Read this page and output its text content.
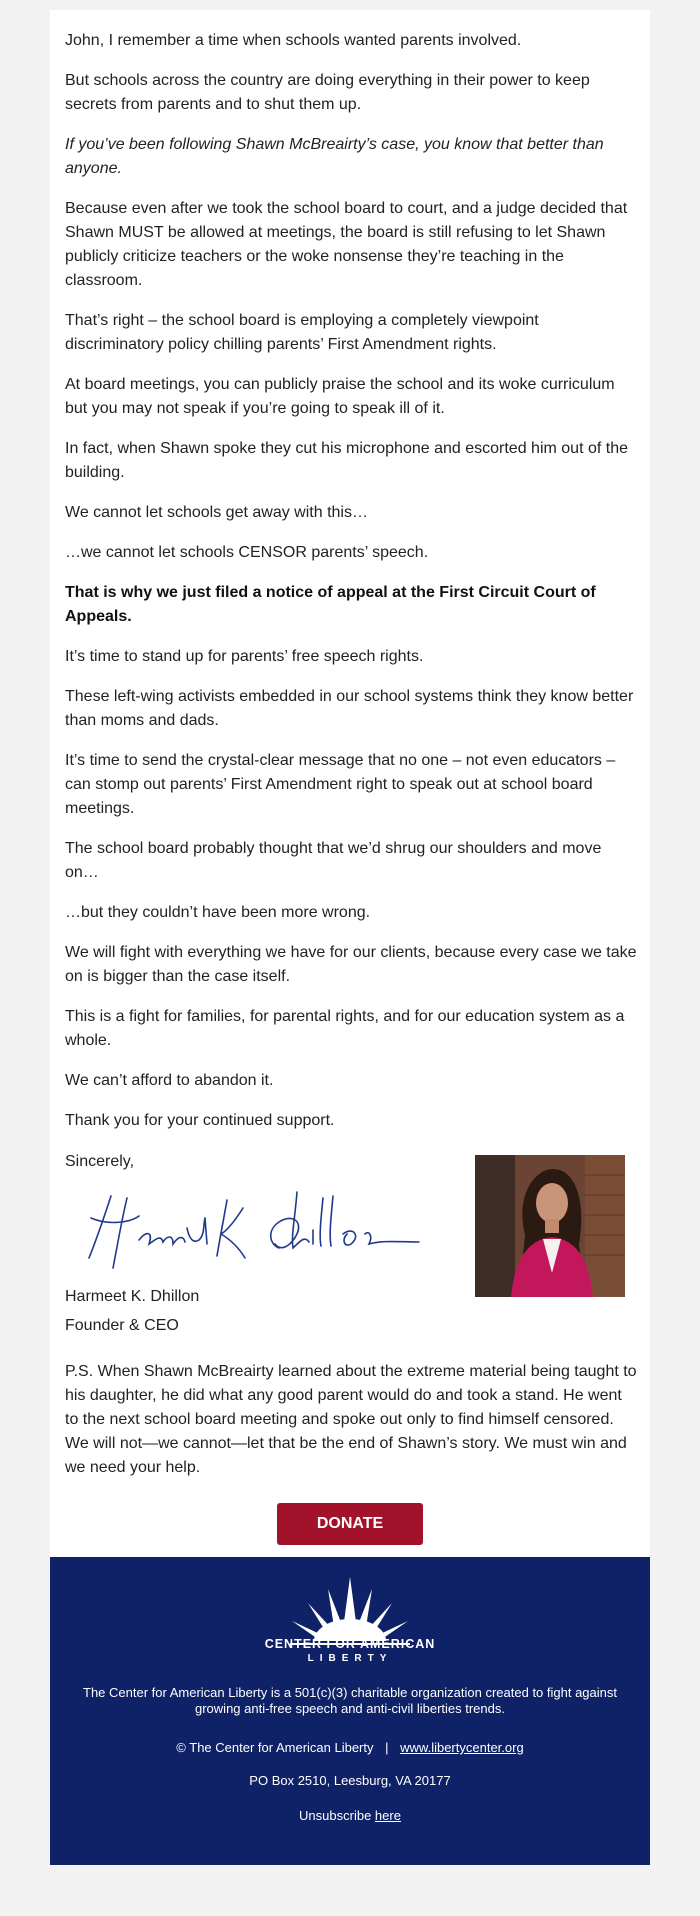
John, I remember a time when schools wanted parents involved.

But schools across the country are doing everything in their power to keep secrets from parents and to shut them up.

If you’ve been following Shawn McBreairty’s case, you know that better than anyone.

Because even after we took the school board to court, and a judge decided that Shawn MUST be allowed at meetings, the board is still refusing to let Shawn publicly criticize teachers or the woke nonsense they’re teaching in the classroom.

That’s right – the school board is employing a completely viewpoint discriminatory policy chilling parents’ First Amendment rights.

At board meetings, you can publicly praise the school and its woke curriculum but you may not speak if you’re going to speak ill of it.

In fact, when Shawn spoke they cut his microphone and escorted him out of the building.

We cannot let schools get away with this…

…we cannot let schools CENSOR parents’ speech.

That is why we just filed a notice of appeal at the First Circuit Court of Appeals.

It’s time to stand up for parents’ free speech rights.

These left-wing activists embedded in our school systems think they know better than moms and dads.

It’s time to send the crystal-clear message that no one – not even educators – can stomp out parents’ First Amendment right to speak out at school board meetings.

The school board probably thought that we’d shrug our shoulders and move on…

…but they couldn’t have been more wrong.

We will fight with everything we have for our clients, because every case we take on is bigger than the case itself.

This is a fight for families, for parental rights, and for our education system as a whole.

We can’t afford to abandon it.

Thank you for your continued support.

Sincerely,
Harmeet K. Dhillon
Founder & CEO
P.S. When Shawn McBreairty learned about the extreme material being taught to his daughter, he did what any good parent would do and took a stand. He went to the next school board meeting and spoke out only to find himself censored. We will not—we cannot—let that be the end of Shawn’s story. We must win and we need your help.
DONATE
CENTER FOR AMERICAN
LIBERTY
The Center for American Liberty is a 501(c)(3) charitable organization created to fight against growing anti-free speech and anti-civil liberties trends.
© The Center for American Liberty | www.libertycenter.org
PO Box 2510, Leesburg, VA 20177
Unsubscribe here
